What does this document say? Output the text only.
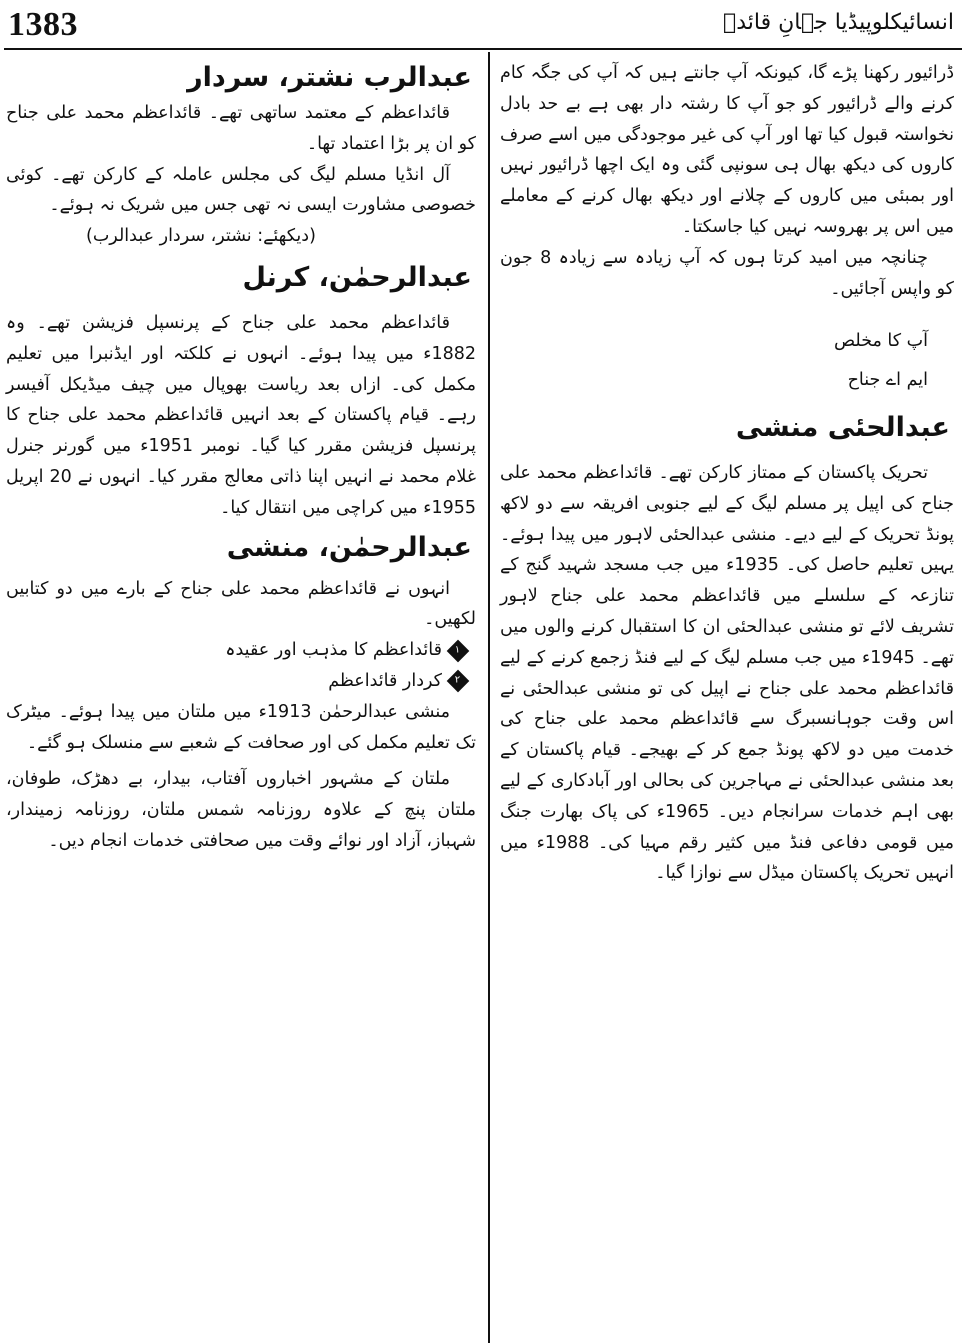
1383	انسائیکلوپیڈیا جہانِ قائدؒ

ڈرائیور رکھنا پڑے گا، کیونکہ آپ جانتے ہیں کہ آپ کی جگہ کام کرنے والے ڈرائیور کو جو آپ کا رشتہ دار بھی ہے بے حد بادل نخواستہ قبول کیا تھا اور آپ کی غیر موجودگی میں اسے صرف کاروں کی دیکھ بھال ہی سونپی گئی وہ ایک اچھا ڈرائیور نہیں اور بمبئی میں کاروں کے چلانے اور دیکھ بھال کرنے کے معاملے میں اس پر بھروسہ نہیں کیا جاسکتا۔

چنانچہ میں امید کرتا ہوں کہ آپ زیادہ سے زیادہ 8 جون کو واپس آجائیں۔

آپ کا مخلص

ایم اے جناح

عبدالحئی منشی

تحریک پاکستان کے ممتاز کارکن تھے۔ قائداعظم محمد علی جناح کی اپیل پر مسلم لیگ کے لیے جنوبی افریقہ سے دو لاکھ پونڈ تحریک کے لیے دیے۔ منشی عبدالحئی لاہور میں پیدا ہوئے۔ یہیں تعلیم حاصل کی۔ 1935ء میں جب مسجد شہید گنج کے تنازعہ کے سلسلے میں قائداعظم محمد علی جناح لاہور تشریف لائے تو منشی عبدالحئی ان کا استقبال کرنے والوں میں تھے۔ 1945ء میں جب مسلم لیگ کے لیے فنڈ زجمع کرنے کے لیے قائداعظم محمد علی جناح نے اپیل کی تو منشی عبدالحئی نے اس وقت جوہانسبرگ سے قائداعظم محمد علی جناح کی خدمت میں دو لاکھ پونڈ جمع کر کے بھیجے۔ قیام پاکستان کے بعد منشی عبدالحئی نے مہاجرین کی بحالی اور آبادکاری کے لیے بھی اہم خدمات سرانجام دیں۔ 1965ء کی پاک بھارت جنگ میں قومی دفاعی فنڈ میں کثیر رقم مہیا کی۔ 1988ء میں انہیں تحریک پاکستان میڈل سے نوازا گیا۔

عبدالرب نشتر، سردار

قائداعظم کے معتمد ساتھی تھے۔ قائداعظم محمد علی جناح کو ان پر بڑا اعتماد تھا۔

آل انڈیا مسلم لیگ کی مجلس عاملہ کے کارکن تھے۔ کوئی خصوصی مشاورت ایسی نہ تھی جس میں شریک نہ ہوئے۔

(دیکھئے: نشتر، سردار عبدالرب)

عبدالرحمٰن، کرنل

قائداعظم محمد علی جناح کے پرنسپل فزیشن تھے۔ وہ 1882ء میں پیدا ہوئے۔ انہوں نے کلکتہ اور ایڈنبرا میں تعلیم مکمل کی۔ ازاں بعد ریاست بھوپال میں چیف میڈیکل آفیسر رہے۔ قیام پاکستان کے بعد انہیں قائداعظم محمد علی جناح کا پرنسپل فزیشن مقرر کیا گیا۔ نومبر 1951ء میں گورنر جنرل غلام محمد نے انہیں اپنا ذاتی معالج مقرر کیا۔ انہوں نے 20 اپریل 1955ء میں کراچی میں انتقال کیا۔

عبدالرحمٰن، منشی

انہوں نے قائداعظم محمد علی جناح کے بارے میں دو کتابیں لکھیں۔

۱
قائداعظم کا مذہب اور عقیدہ
۲
کردار قائداعظم

منشی عبدالرحمٰن 1913ء میں ملتان میں پیدا ہوئے۔ میٹرک تک تعلیم مکمل کی اور صحافت کے شعبے سے منسلک ہو گئے۔

ملتان کے مشہور اخباروں آفتاب، بیدار، بے دھڑک، طوفان، ملتان پنچ کے علاوہ روزنامہ شمس ملتان، روزنامہ زمیندار، شہباز، آزاد اور نوائے وقت میں صحافتی خدمات انجام دیں۔
